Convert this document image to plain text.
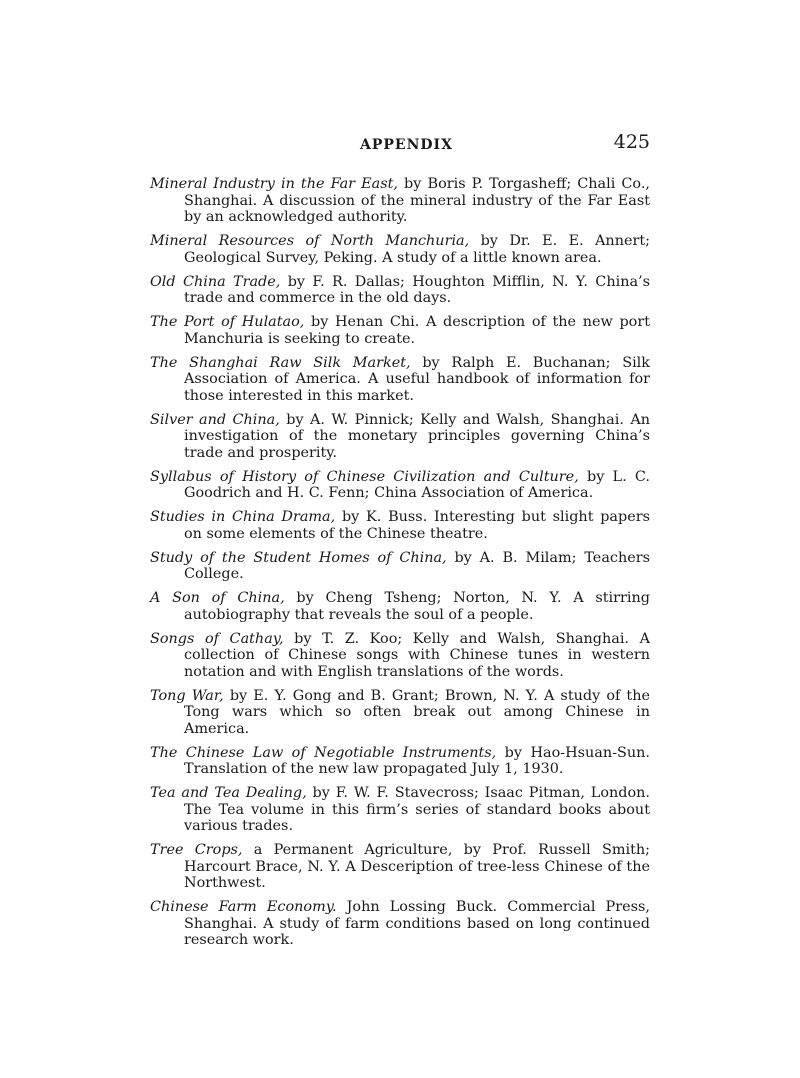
APPENDIX	425
Mineral Industry in the Far East, by Boris P. Torgasheff; Chali Co., Shanghai. A discussion of the mineral industry of the Far East by an acknowledged authority.
Mineral Resources of North Manchuria, by Dr. E. E. Annert; Geological Survey, Peking. A study of a little known area.
Old China Trade, by F. R. Dallas; Houghton Mifflin, N. Y. China’s trade and commerce in the old days.
The Port of Hulatao, by Henan Chi. A description of the new port Manchuria is seeking to create.
The Shanghai Raw Silk Market, by Ralph E. Buchanan; Silk Association of America. A useful handbook of information for those interested in this market.
Silver and China, by A. W. Pinnick; Kelly and Walsh, Shanghai. An investigation of the monetary principles governing China’s trade and prosperity.
Syllabus of History of Chinese Civilization and Culture, by L. C. Goodrich and H. C. Fenn; China Association of America.
Studies in China Drama, by K. Buss. Interesting but slight papers on some elements of the Chinese theatre.
Study of the Student Homes of China, by A. B. Milam; Teachers College.
A Son of China, by Cheng Tsheng; Norton, N. Y. A stirring autobiography that reveals the soul of a people.
Songs of Cathay, by T. Z. Koo; Kelly and Walsh, Shanghai. A collection of Chinese songs with Chinese tunes in western notation and with English translations of the words.
Tong War, by E. Y. Gong and B. Grant; Brown, N. Y. A study of the Tong wars which so often break out among Chinese in America.
The Chinese Law of Negotiable Instruments, by Hao-Hsuan-Sun. Translation of the new law propagated July 1, 1930.
Tea and Tea Dealing, by F. W. F. Stavecross; Isaac Pitman, London. The Tea volume in this firm’s series of standard books about various trades.
Tree Crops, a Permanent Agriculture, by Prof. Russell Smith; Harcourt Brace, N. Y. A Desceription of tree-less Chinese of the Northwest.
Chinese Farm Economy. John Lossing Buck. Commercial Press, Shanghai. A study of farm conditions based on long continued research work.
